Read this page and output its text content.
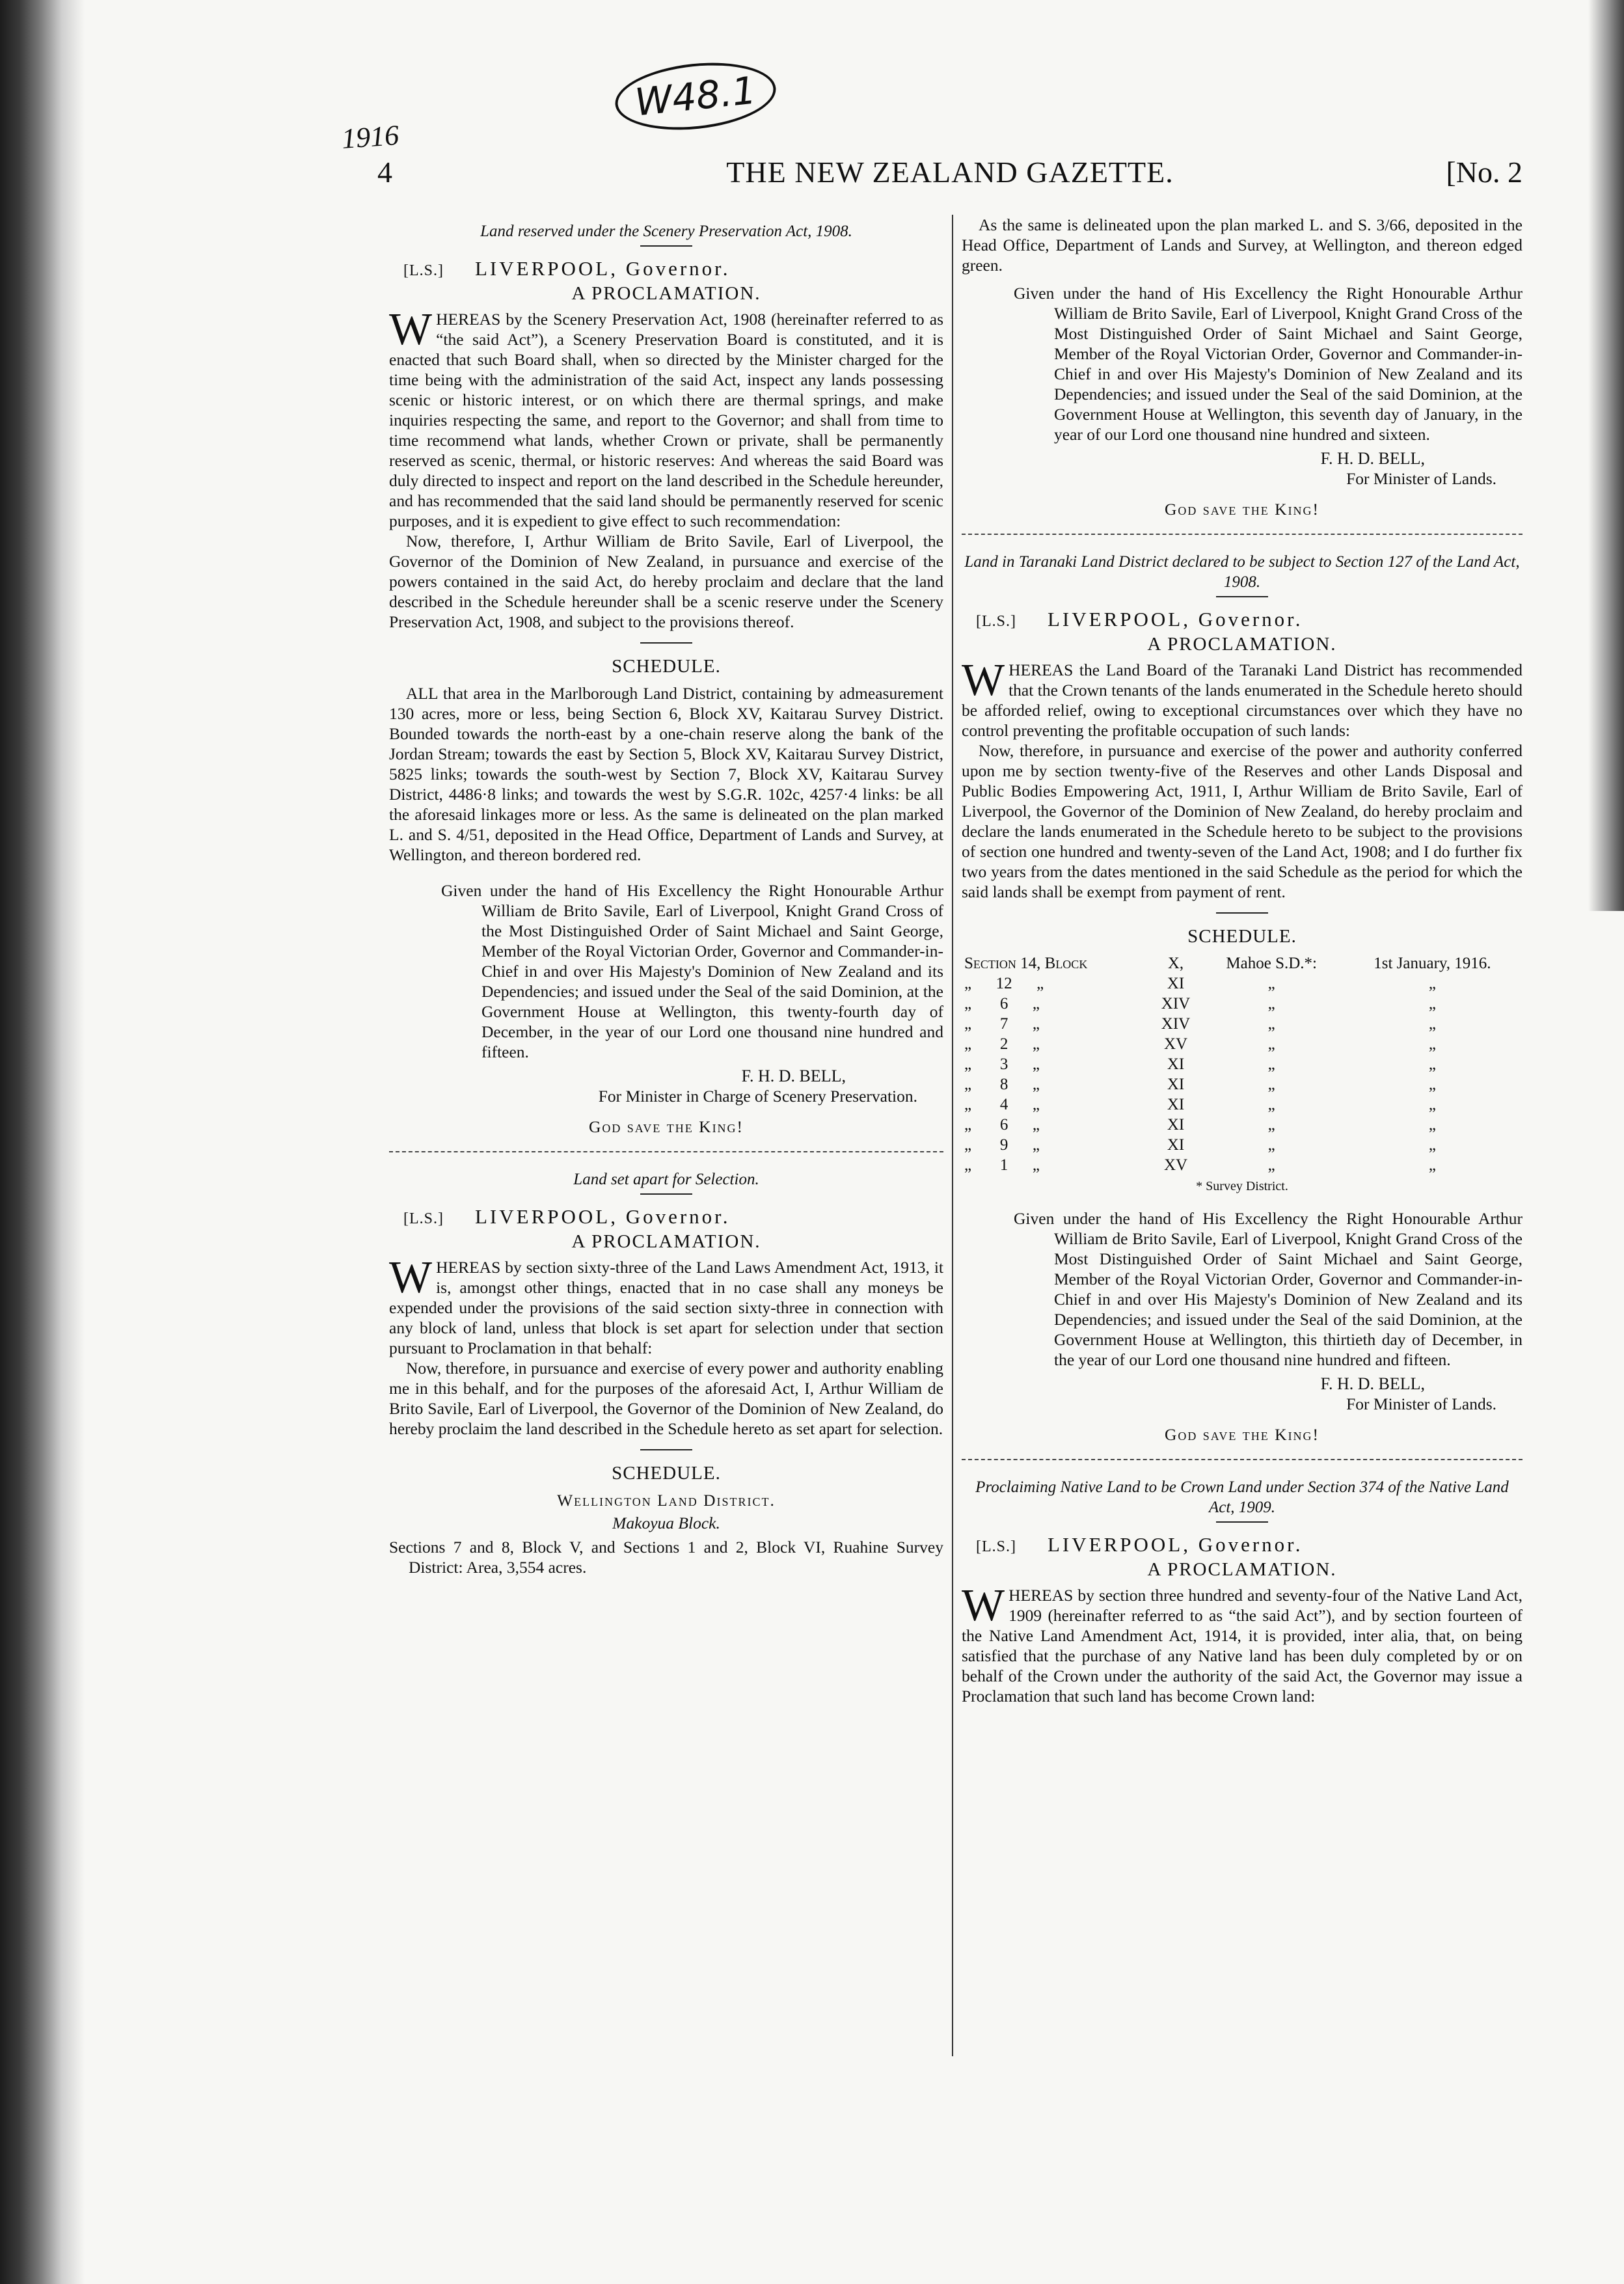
W48.1
1916
4	THE NEW ZEALAND GAZETTE.	[No. 2
Land reserved under the Scenery Preservation Act, 1908.
[L.S.] LIVERPOOL, Governor.
A PROCLAMATION.

WHEREAS by the Scenery Preservation Act, 1908 (hereinafter referred to as “the said Act”), a Scenery Preservation Board is constituted, and it is enacted that such Board shall, when so directed by the Minister charged for the time being with the administration of the said Act, inspect any lands possessing scenic or historic interest, or on which there are thermal springs, and make inquiries respecting the same, and report to the Governor; and shall from time to time recommend what lands, whether Crown or private, shall be permanently reserved as scenic, thermal, or historic reserves: And whereas the said Board was duly directed to inspect and report on the land described in the Schedule hereunder, and has recommended that the said land should be permanently reserved for scenic purposes, and it is expedient to give effect to such recommendation:

Now, therefore, I, Arthur William de Brito Savile, Earl of Liverpool, the Governor of the Dominion of New Zealand, in pursuance and exercise of the powers contained in the said Act, do hereby proclaim and declare that the land described in the Schedule hereunder shall be a scenic reserve under the Scenery Preservation Act, 1908, and subject to the provisions thereof.

SCHEDULE.

ALL that area in the Marlborough Land District, containing by admeasurement 130 acres, more or less, being Section 6, Block XV, Kaitarau Survey District. Bounded towards the north-east by a one-chain reserve along the bank of the Jordan Stream; towards the east by Section 5, Block XV, Kaitarau Survey District, 5825 links; towards the south-west by Section 7, Block XV, Kaitarau Survey District, 4486·8 links; and towards the west by S.G.R. 102c, 4257·4 links: be all the aforesaid linkages more or less. As the same is delineated on the plan marked L. and S. 4/51, deposited in the Head Office, Department of Lands and Survey, at Wellington, and thereon bordered red.

Given under the hand of His Excellency the Right Honourable Arthur William de Brito Savile, Earl of Liverpool, Knight Grand Cross of the Most Distinguished Order of Saint Michael and Saint George, Member of the Royal Victorian Order, Governor and Commander-in-Chief in and over His Majesty's Dominion of New Zealand and its Dependencies; and issued under the Seal of the said Dominion, at the Government House at Wellington, this twenty-fourth day of December, in the year of our Lord one thousand nine hundred and fifteen.

F. H. D. BELL,
For Minister in Charge of Scenery Preservation.
God save the King!
Land set apart for Selection.
[L.S.] LIVERPOOL, Governor.
A PROCLAMATION.

WHEREAS by section sixty-three of the Land Laws Amendment Act, 1913, it is, amongst other things, enacted that in no case shall any moneys be expended under the provisions of the said section sixty-three in connection with any block of land, unless that block is set apart for selection under that section pursuant to Proclamation in that behalf:

Now, therefore, in pursuance and exercise of every power and authority enabling me in this behalf, and for the purposes of the aforesaid Act, I, Arthur William de Brito Savile, Earl of Liverpool, the Governor of the Dominion of New Zealand, do hereby proclaim the land described in the Schedule hereto as set apart for selection.

SCHEDULE.
Wellington Land District.
Makoyua Block.

Sections 7 and 8, Block V, and Sections 1 and 2, Block VI, Ruahine Survey District: Area, 3,554 acres.

As the same is delineated upon the plan marked L. and S. 3/66, deposited in the Head Office, Department of Lands and Survey, at Wellington, and thereon edged green.

Given under the hand of His Excellency the Right Honourable Arthur William de Brito Savile, Earl of Liverpool, Knight Grand Cross of the Most Distinguished Order of Saint Michael and Saint George, Member of the Royal Victorian Order, Governor and Commander-in-Chief in and over His Majesty's Dominion of New Zealand and its Dependencies; and issued under the Seal of the said Dominion, at the Government House at Wellington, this seventh day of January, in the year of our Lord one thousand nine hundred and sixteen.

F. H. D. BELL,
For Minister of Lands.
God save the King!
Land in Taranaki Land District declared to be subject to Section 127 of the Land Act, 1908.
[L.S.] LIVERPOOL, Governor.
A PROCLAMATION.

WHEREAS the Land Board of the Taranaki Land District has recommended that the Crown tenants of the lands enumerated in the Schedule hereto should be afforded relief, owing to exceptional circumstances over which they have no control preventing the profitable occupation of such lands:

Now, therefore, in pursuance and exercise of the power and authority conferred upon me by section twenty-five of the Reserves and other Lands Disposal and Public Bodies Empowering Act, 1911, I, Arthur William de Brito Savile, Earl of Liverpool, the Governor of the Dominion of New Zealand, do hereby proclaim and declare the lands enumerated in the Schedule hereto to be subject to the provisions of section one hundred and twenty-seven of the Land Act, 1908; and I do further fix two years from the dates mentioned in the said Schedule as the period for which the said lands shall be exempt from payment of rent.

SCHEDULE.
Section 14, Block	X,	Mahoe S.D.*:	1st January, 1916.
„ 12 „	XI	„	„
„ 6 „	XIV	„	„
„ 7 „	XIV	„	„
„ 2 „	XV	„	„
„ 3 „	XI	„	„
„ 8 „	XI	„	„
„ 4 „	XI	„	„
„ 6 „	XI	„	„
„ 9 „	XI	„	„
„ 1 „	XV	„	„
* Survey District.

Given under the hand of His Excellency the Right Honourable Arthur William de Brito Savile, Earl of Liverpool, Knight Grand Cross of the Most Distinguished Order of Saint Michael and Saint George, Member of the Royal Victorian Order, Governor and Commander-in-Chief in and over His Majesty's Dominion of New Zealand and its Dependencies; and issued under the Seal of the said Dominion, at the Government House at Wellington, this thirtieth day of December, in the year of our Lord one thousand nine hundred and fifteen.

F. H. D. BELL,
For Minister of Lands.
God save the King!
Proclaiming Native Land to be Crown Land under Section 374 of the Native Land Act, 1909.
[L.S.] LIVERPOOL, Governor.
A PROCLAMATION.

WHEREAS by section three hundred and seventy-four of the Native Land Act, 1909 (hereinafter referred to as “the said Act”), and by section fourteen of the Native Land Amendment Act, 1914, it is provided, inter alia, that, on being satisfied that the purchase of any Native land has been duly completed by or on behalf of the Crown under the authority of the said Act, the Governor may issue a Proclamation that such land has become Crown land:
